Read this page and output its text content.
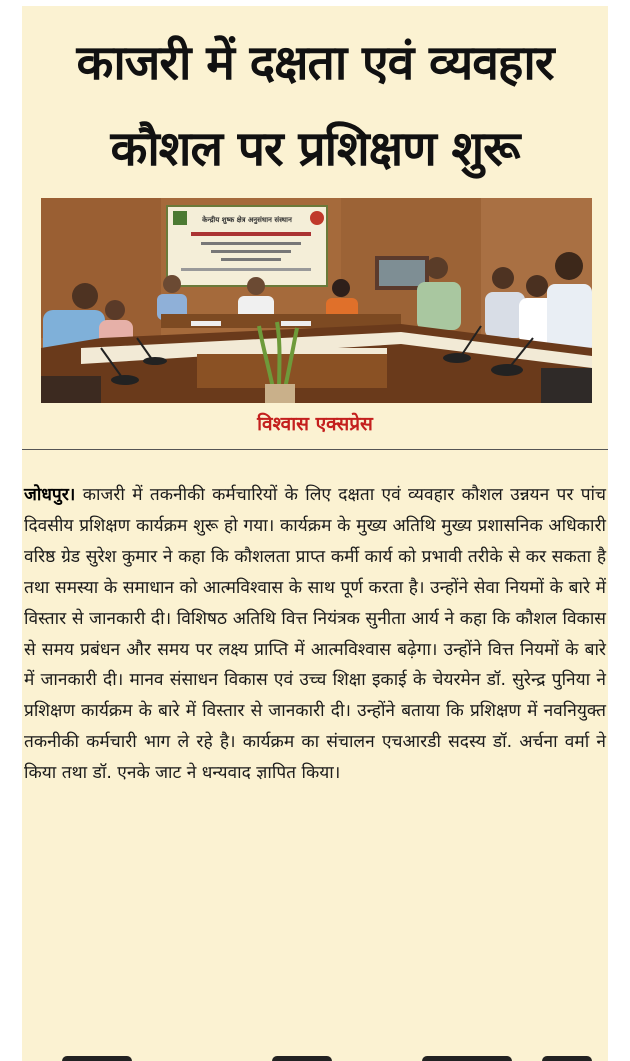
काजरी में दक्षता एवं व्यवहार
कौशल पर प्रशिक्षण शुरू
केन्द्रीय शुष्क क्षेत्र अनुसंधान संस्थान
विश्वास एक्सप्रेस

जोधपुर। काजरी में तकनीकी कर्मचारियों के लिए दक्षता एवं व्यवहार कौशल उन्नयन पर पांच दिवसीय प्रशिक्षण कार्यक्रम शुरू हो गया। कार्यक्रम के मुख्य अतिथि मुख्य प्रशासनिक अधिकारी वरिष्ठ ग्रेड सुरेश कुमार ने कहा कि कौशलता प्राप्त कर्मी कार्य को प्रभावी तरीके से कर सकता है तथा समस्या के समाधान को आत्मविश्वास के साथ पूर्ण करता है। उन्होंने सेवा नियमों के बारे में विस्तार से जानकारी दी। विशिषठ अतिथि वित्त नियंत्रक सुनीता आर्य ने कहा कि कौशल विकास से समय प्रबंधन और समय पर लक्ष्य प्राप्ति में आत्मविश्वास बढ़ेगा। उन्होंने वित्त नियमों के बारे में जानकारी दी। मानव संसाधन विकास एवं उच्च शिक्षा इकाई के चेयरमेन डॉ. सुरेन्द्र पुनिया ने प्रशिक्षण कार्यक्रम के बारे में विस्तार से जानकारी दी। उन्होंने बताया कि प्रशिक्षण में नवनियुक्त तकनीकी कर्मचारी भाग ले रहे है। कार्यक्रम का संचालन एचआरडी सदस्य डॉ. अर्चना वर्मा ने किया तथा डॉ. एनके जाट ने धन्यवाद ज्ञापित किया।
